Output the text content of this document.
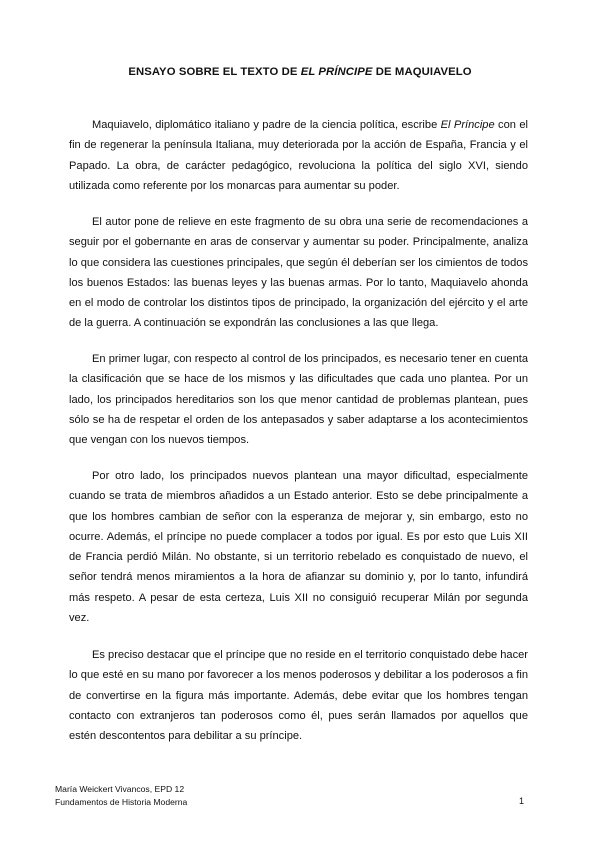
ENSAYO SOBRE EL TEXTO DE EL PRÍNCIPE DE MAQUIAVELO

Maquiavelo, diplomático italiano y padre de la ciencia política, escribe El Príncipe con el fin de regenerar la península Italiana, muy deteriorada por la acción de España, Francia y el Papado. La obra, de carácter pedagógico, revoluciona la política del siglo XVI, siendo utilizada como referente por los monarcas para aumentar su poder.

El autor pone de relieve en este fragmento de su obra una serie de recomendaciones a seguir por el gobernante en aras de conservar y aumentar su poder. Principalmente, analiza lo que considera las cuestiones principales, que según él deberían ser los cimientos de todos los buenos Estados: las buenas leyes y las buenas armas. Por lo tanto, Maquiavelo ahonda en el modo de controlar los distintos tipos de principado, la organización del ejército y el arte de la guerra. A continuación se expondrán las conclusiones a las que llega.

En primer lugar, con respecto al control de los principados, es necesario tener en cuenta la clasificación que se hace de los mismos y las dificultades que cada uno plantea. Por un lado, los principados hereditarios son los que menor cantidad de problemas plantean, pues sólo se ha de respetar el orden de los antepasados y saber adaptarse a los acontecimientos que vengan con los nuevos tiempos.

Por otro lado, los principados nuevos plantean una mayor dificultad, especialmente cuando se trata de miembros añadidos a un Estado anterior. Esto se debe principalmente a que los hombres cambian de señor con la esperanza de mejorar y, sin embargo, esto no ocurre. Además, el príncipe no puede complacer a todos por igual. Es por esto que Luis XII de Francia perdió Milán. No obstante, si un territorio rebelado es conquistado de nuevo, el señor tendrá menos miramientos a la hora de afianzar su dominio y, por lo tanto, infundirá más respeto. A pesar de esta certeza, Luis XII no consiguió recuperar Milán por segunda vez.

Es preciso destacar que el príncipe que no reside en el territorio conquistado debe hacer lo que esté en su mano por favorecer a los menos poderosos y debilitar a los poderosos a fin de convertirse en la figura más importante. Además, debe evitar que los hombres tengan contacto con extranjeros tan poderosos como él, pues serán llamados por aquellos que estén descontentos para debilitar a su príncipe.

María Weickert Vivancos, EPD 12
Fundamentos de Historia Moderna	1
